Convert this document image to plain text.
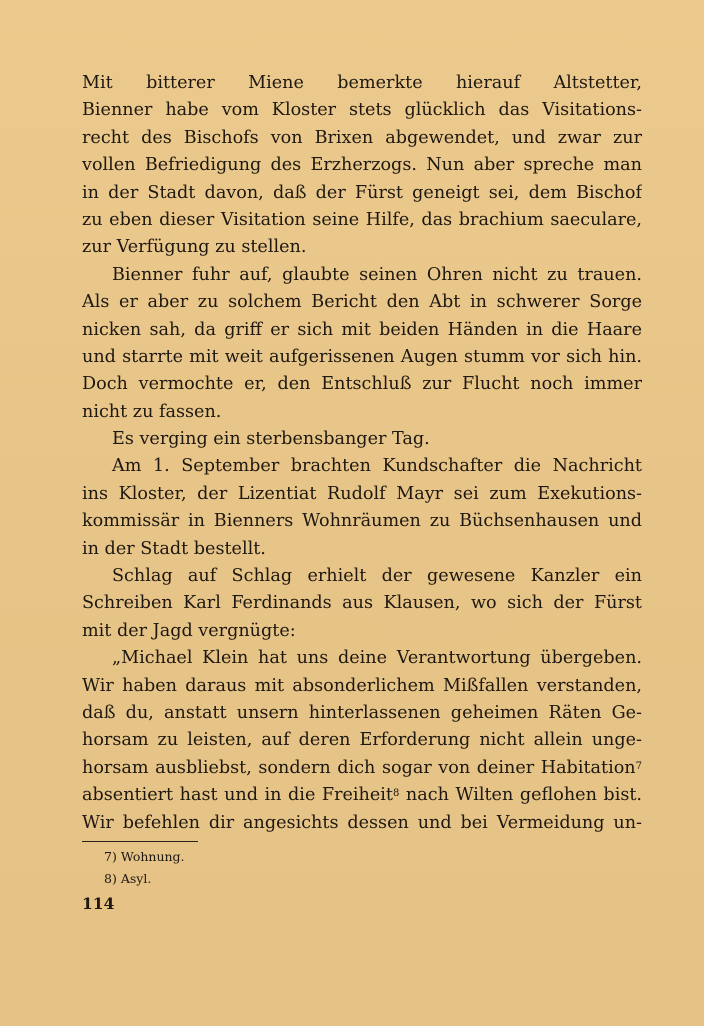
Mit bitterer Miene bemerkte hierauf Altstetter,
Bienner habe vom Kloster stets glücklich das Visitations-
recht des Bischofs von Brixen abgewendet, und zwar zur
vollen Befriedigung des Erzherzogs. Nun aber spreche man
in der Stadt davon, daß der Fürst geneigt sei, dem Bischof
zu eben dieser Visitation seine Hilfe, das brachium saeculare,
zur Verfügung zu stellen.
Bienner fuhr auf, glaubte seinen Ohren nicht zu trauen.
Als er aber zu solchem Bericht den Abt in schwerer Sorge
nicken sah, da griff er sich mit beiden Händen in die Haare
und starrte mit weit aufgerissenen Augen stumm vor sich hin.
Doch vermochte er, den Entschluß zur Flucht noch immer
nicht zu fassen.
Es verging ein sterbensbanger Tag.
Am 1. September brachten Kundschafter die Nachricht
ins Kloster, der Lizentiat Rudolf Mayr sei zum Exekutions-
kommissär in Bienners Wohnräumen zu Büchsenhausen und
in der Stadt bestellt.
Schlag auf Schlag erhielt der gewesene Kanzler ein
Schreiben Karl Ferdinands aus Klausen, wo sich der Fürst
mit der Jagd vergnügte:
„Michael Klein hat uns deine Verantwortung übergeben.
Wir haben daraus mit absonderlichem Mißfallen verstanden,
daß du, anstatt unsern hinterlassenen geheimen Räten Ge-
horsam zu leisten, auf deren Erforderung nicht allein unge-
horsam ausbliebst, sondern dich sogar von deiner Habitation$^7$
absentiert hast und in die Freiheit$^8$ nach Wilten geflohen bist.
Wir befehlen dir angesichts dessen und bei Vermeidung un-
7) Wohnung.
8) Asyl.
114
